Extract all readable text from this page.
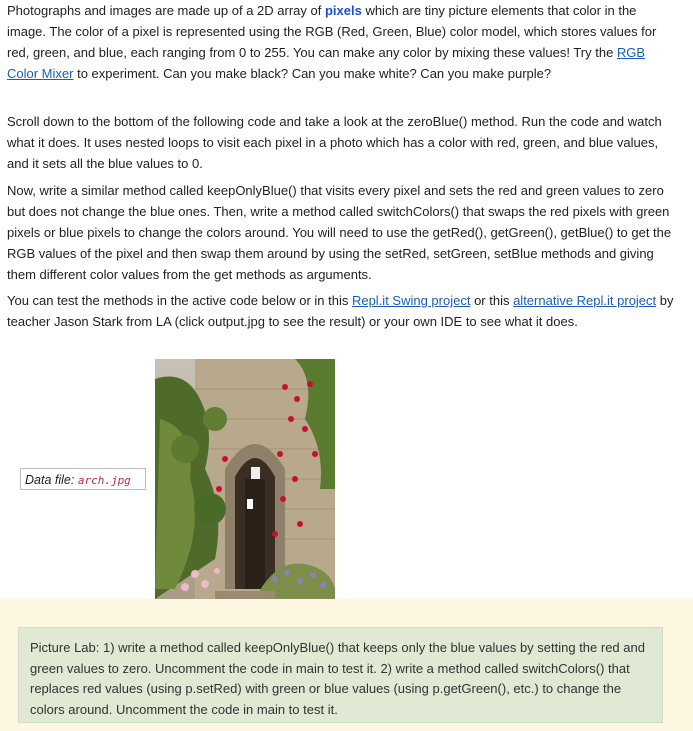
Photographs and images are made up of a 2D array of pixels which are tiny picture elements that color in the image. The color of a pixel is represented using the RGB (Red, Green, Blue) color model, which stores values for red, green, and blue, each ranging from 0 to 255. You can make any color by mixing these values! Try the RGB Color Mixer to experiment. Can you make black? Can you make white? Can you make purple?

Scroll down to the bottom of the following code and take a look at the zeroBlue() method. Run the code and watch what it does. It uses nested loops to visit each pixel in a photo which has a color with red, green, and blue values, and it sets all the blue values to 0.

Now, write a similar method called keepOnlyBlue() that visits every pixel and sets the red and green values to zero but does not change the blue ones. Then, write a method called switchColors() that swaps the red pixels with green pixels or blue pixels to change the colors around. You will need to use the getRed(), getGreen(), getBlue() to get the RGB values of the pixel and then swap them around by using the setRed, setGreen, setBlue methods and giving them different color values from the get methods as arguments.

You can test the methods in the active code below or in this Repl.it Swing project or this alternative Repl.it project by teacher Jason Stark from LA (click output.jpg to see the result) or your own IDE to see what it does.

Data file: arch.jpg
Picture Lab: 1) write a method called keepOnlyBlue() that keeps only the blue values by setting the red and green values to zero. Uncomment the code in main to test it. 2) write a method called switchColors() that replaces red values (using p.setRed) with green or blue values (using p.getGreen(), etc.) to change the colors around. Uncomment the code in main to test it.
